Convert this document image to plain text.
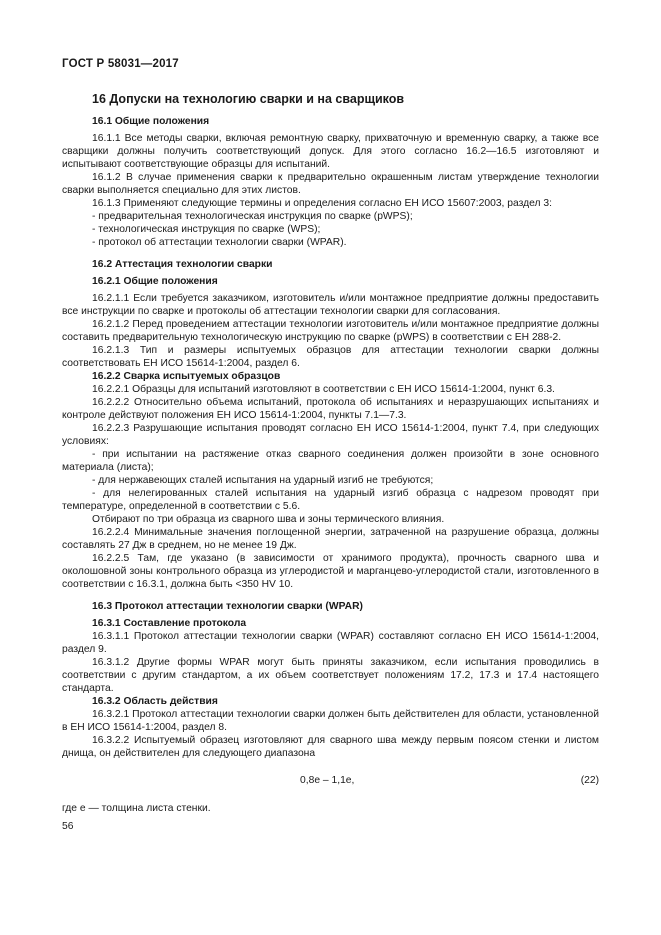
ГОСТ Р 58031—2017
16 Допуски на технологию сварки и на сварщиков
16.1 Общие положения

16.1.1 Все методы сварки, включая ремонтную сварку, прихваточную и временную сварку, а также все сварщики должны получить соответствующий допуск. Для этого согласно 16.2—16.5 изготовляют и испытывают соответствующие образцы для испытаний.

16.1.2 В случае применения сварки к предварительно окрашенным листам утверждение технологии сварки выполняется специально для этих листов.

16.1.3 Применяют следующие термины и определения согласно ЕН ИСО 15607:2003, раздел 3:

- предварительная технологическая инструкция по сварке (pWPS);

- технологическая инструкция по сварке (WPS);

- протокол об аттестации технологии сварки (WPAR).

16.2 Аттестация технологии сварки
16.2.1 Общие положения

16.2.1.1 Если требуется заказчиком, изготовитель и/или монтажное предприятие должны предоставить все инструкции по сварке и протоколы об аттестации технологии сварки для согласования.

16.2.1.2 Перед проведением аттестации технологии изготовитель и/или монтажное предприятие должны составить предварительную технологическую инструкцию по сварке (pWPS) в соответствии с ЕН 288-2.

16.2.1.3 Тип и размеры испытуемых образцов для аттестации технологии сварки должны соответствовать ЕН ИСО 15614-1:2004, раздел 6.

16.2.2 Сварка испытуемых образцов

16.2.2.1 Образцы для испытаний изготовляют в соответствии с ЕН ИСО 15614-1:2004, пункт 6.3.

16.2.2.2 Относительно объема испытаний, протокола об испытаниях и неразрушающих испытаниях и контроле действуют положения ЕН ИСО 15614-1:2004, пункты 7.1—7.3.

16.2.2.3 Разрушающие испытания проводят согласно ЕН ИСО 15614-1:2004, пункт 7.4, при следующих условиях:

- при испытании на растяжение отказ сварного соединения должен произойти в зоне основного материала (листа);

- для нержавеющих сталей испытания на ударный изгиб не требуются;

- для нелегированных сталей испытания на ударный изгиб образца с надрезом проводят при температуре, определенной в соответствии с 5.6.

Отбирают по три образца из сварного шва и зоны термического влияния.

16.2.2.4 Минимальные значения поглощенной энергии, затраченной на разрушение образца, должны составлять 27 Дж в среднем, но не менее 19 Дж.

16.2.2.5 Там, где указано (в зависимости от хранимого продукта), прочность сварного шва и околошовной зоны контрольного образца из углеродистой и марганцево-углеродистой стали, изготовленного в соответствии с 16.3.1, должна быть <350 HV 10.

16.3 Протокол аттестации технологии сварки (WPAR)
16.3.1 Составление протокола

16.3.1.1 Протокол аттестации технологии сварки (WPAR) составляют согласно ЕН ИСО 15614-1:2004, раздел 9.

16.3.1.2 Другие формы WPAR могут быть приняты заказчиком, если испытания проводились в соответствии с другим стандартом, а их объем соответствует положениям 17.2, 17.3 и 17.4 настоящего стандарта.

16.3.2 Область действия

16.3.2.1 Протокол аттестации технологии сварки должен быть действителен для области, установленной в ЕН ИСО 15614-1:2004, раздел 8.

16.3.2.2 Испытуемый образец изготовляют для сварного шва между первым поясом стенки и листом днища, он действителен для следующего диапазона

0,8e – 1,1e,	(22)

где e — толщина листа стенки.

56
